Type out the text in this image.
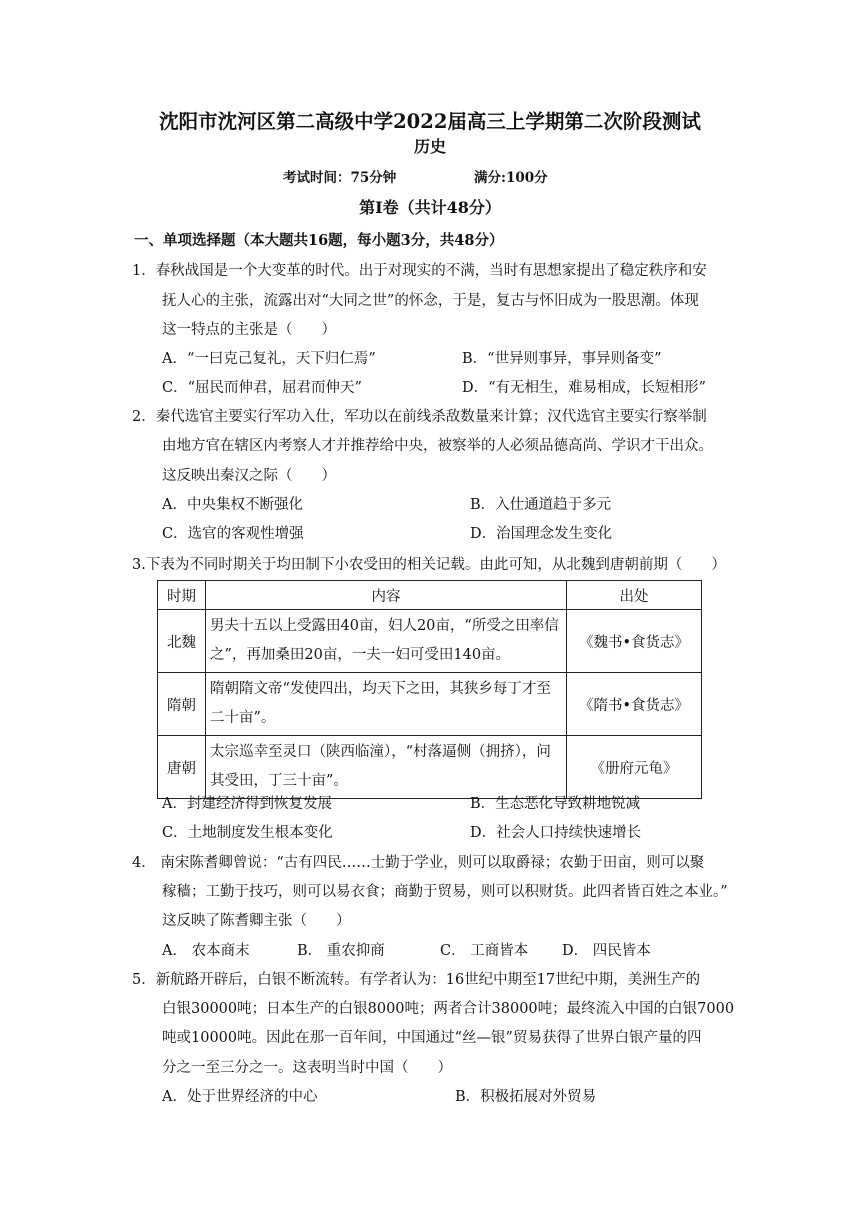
沈阳市沈河区第二高级中学2022届高三上学期第二次阶段测试
历史
考试时间：75分钟	满分:100分
第Ⅰ卷（共计48分）
一、单项选择题（本大题共16题，每小题3分，共48分）
1．春秋战国是一个大变革的时代。出于对现实的不满，当时有思想家提出了稳定秩序和安
抚人心的主张，流露出对“大同之世”的怀念，于是，复古与怀旧成为一股思潮。体现
这一特点的主张是（　　）
A．“一曰克己复礼，天下归仁焉”	B．“世异则事异，事异则备变”
C．“屈民而伸君，屈君而伸天”	D．“有无相生，难易相成，长短相形”
2．秦代选官主要实行军功入仕，军功以在前线杀敌数量来计算；汉代选官主要实行察举制
由地方官在辖区内考察人才并推荐给中央，被察举的人必须品德高尚、学识才干出众。
这反映出秦汉之际（　　）
A．中央集权不断强化	B．入仕通道趋于多元
C．选官的客观性增强	D．治国理念发生变化
3.下表为不同时期关于均田制下小农受田的相关记载。由此可知，从北魏到唐朝前期（　　）
时期	内容	出处
北魏	男夫十五以上受露田40亩，妇人20亩，“所受之田率信之”，再加桑田20亩，一夫一妇可受田140亩。	《魏书•食货志》
隋朝	隋朝隋文帝“发使四出，均天下之田，其狭乡每丁才至二十亩”。	《隋书•食货志》
唐朝	太宗巡幸至灵口（陕西临潼），“村落逼侧（拥挤），问其受田，丁三十亩”。	《册府元龟》
A．封建经济得到恢复发展	B．生态恶化导致耕地锐减
C．土地制度发生根本变化	D．社会人口持续快速增长
4． 南宋陈耆卿曾说：“古有四民……士勤于学业，则可以取爵禄；农勤于田亩，则可以聚
稼穑；工勤于技巧，则可以易衣食；商勤于贸易，则可以积财货。此四者皆百姓之本业。”
这反映了陈耆卿主张（　　）
A． 农本商末	B． 重农抑商	C． 工商皆本 D． 四民皆本
5．新航路开辟后，白银不断流转。有学者认为：16世纪中期至17世纪中期，美洲生产的
白银30000吨；日本生产的白银8000吨；两者合计38000吨；最终流入中国的白银7000
吨或10000吨。因此在那一百年间，中国通过“丝—银”贸易获得了世界白银产量的四
分之一至三分之一。这表明当时中国（　　）
A．处于世界经济的中心	B．积极拓展对外贸易
